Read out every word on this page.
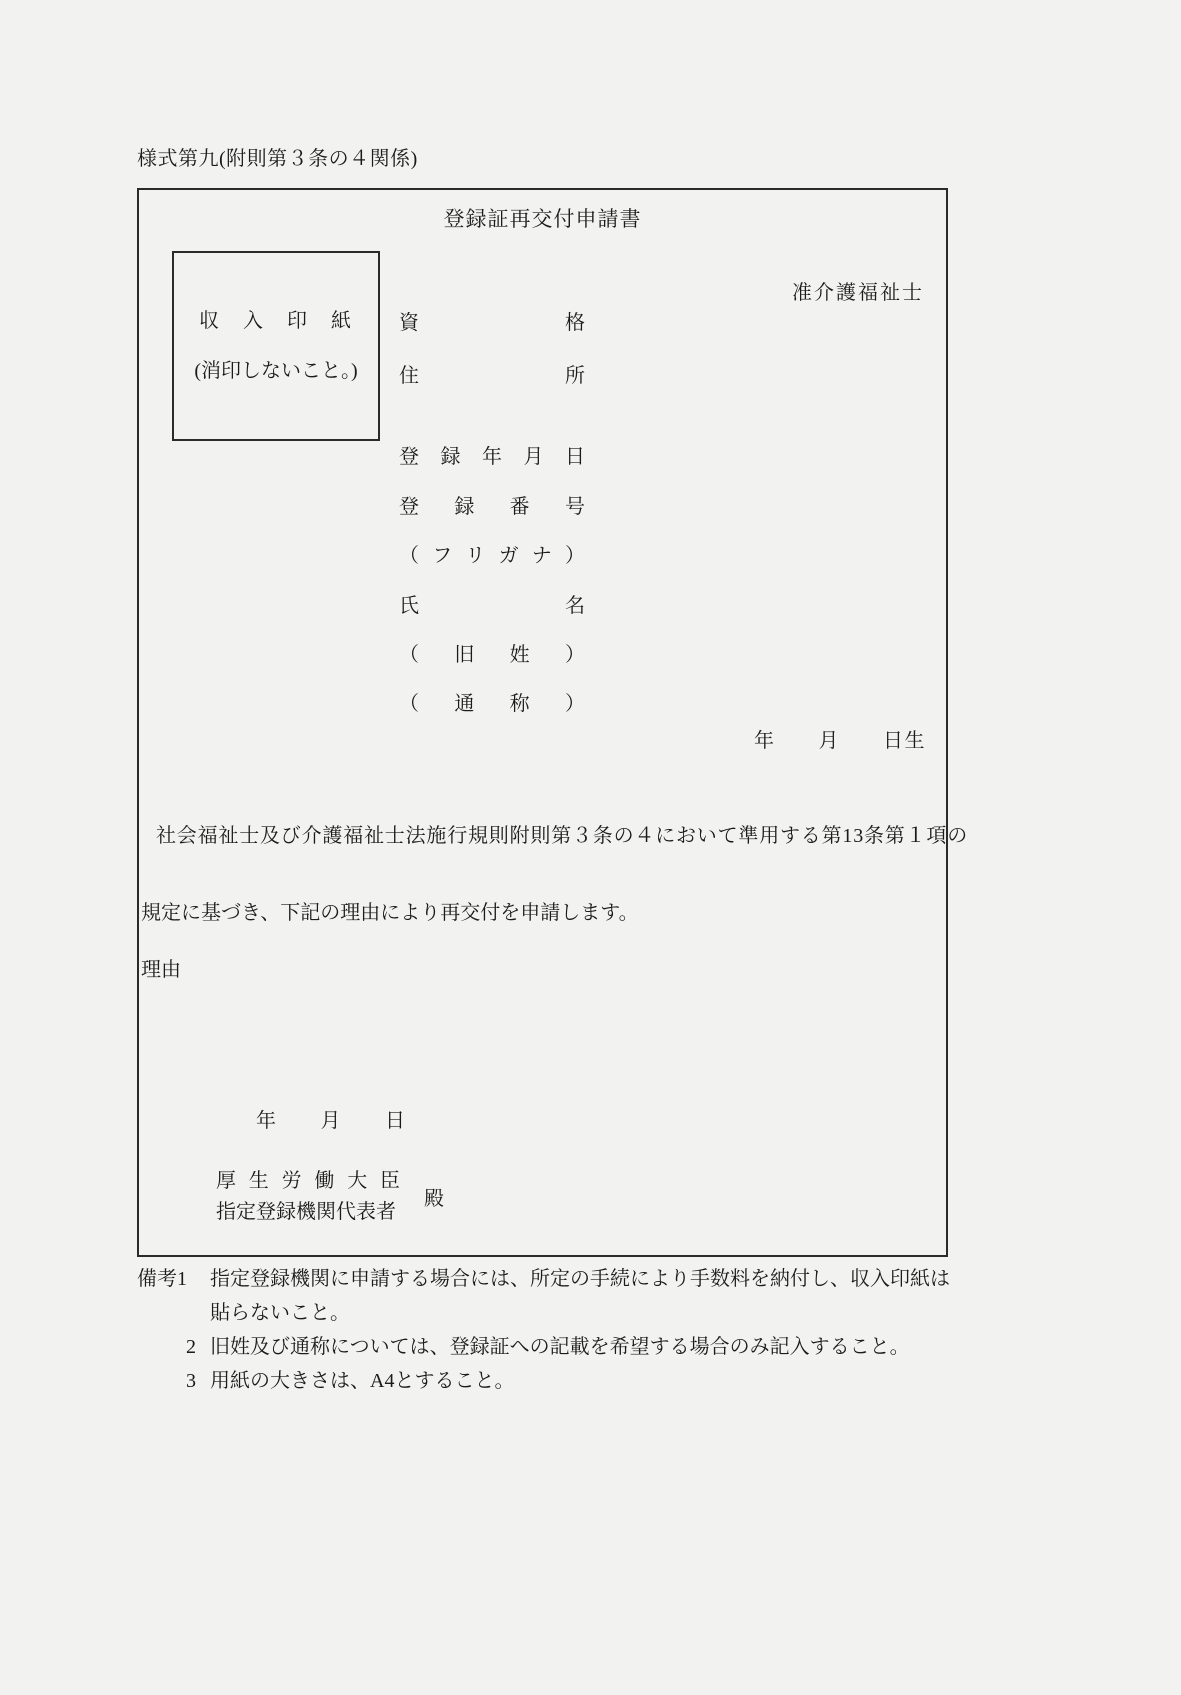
様式第九(附則第３条の４関係)
登録証再交付申請書
准介護福祉士
収　入　印　紙
(消印しないこと。)
資 格
住 所
登 録 年 月 日
登 録 番 号
（ フ リ ガ ナ ）
氏 名
（ 旧 姓 ）
（ 通 称 ）
年　　月　　日生
社会福祉士及び介護福祉士法施行規則附則第３条の４において準用する第13条第１項の
規定に基づき、下記の理由により再交付を申請します。
理由
年　　月　　日
厚 生 労 働 大 臣
指定登録機関代表者
殿
備考1	指定登録機関に申請する場合には、所定の手続により手数料を納付し、収入印紙は
貼らないこと。
2 旧姓及び通称については、登録証への記載を希望する場合のみ記入すること。
3 用紙の大きさは、A4とすること。
